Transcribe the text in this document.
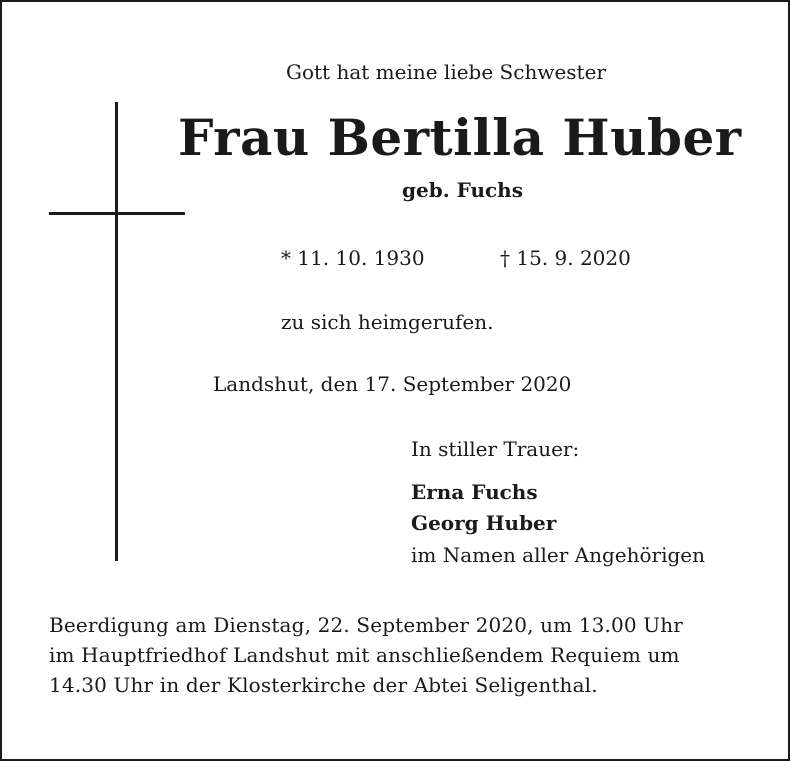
Gott hat meine liebe Schwester

Frau Bertilla Huber

geb. Fuchs

* 11. 10. 1930	† 15. 9. 2020

zu sich heimgerufen.

Landshut, den 17. September 2020

In stiller Trauer:

Erna Fuchs

Georg Huber

im Namen aller Angehörigen

Beerdigung am Dienstag, 22. September 2020, um 13.00 Uhr
im Hauptfriedhof Landshut mit anschließendem Requiem um
14.30 Uhr in der Klosterkirche der Abtei Seligenthal.
